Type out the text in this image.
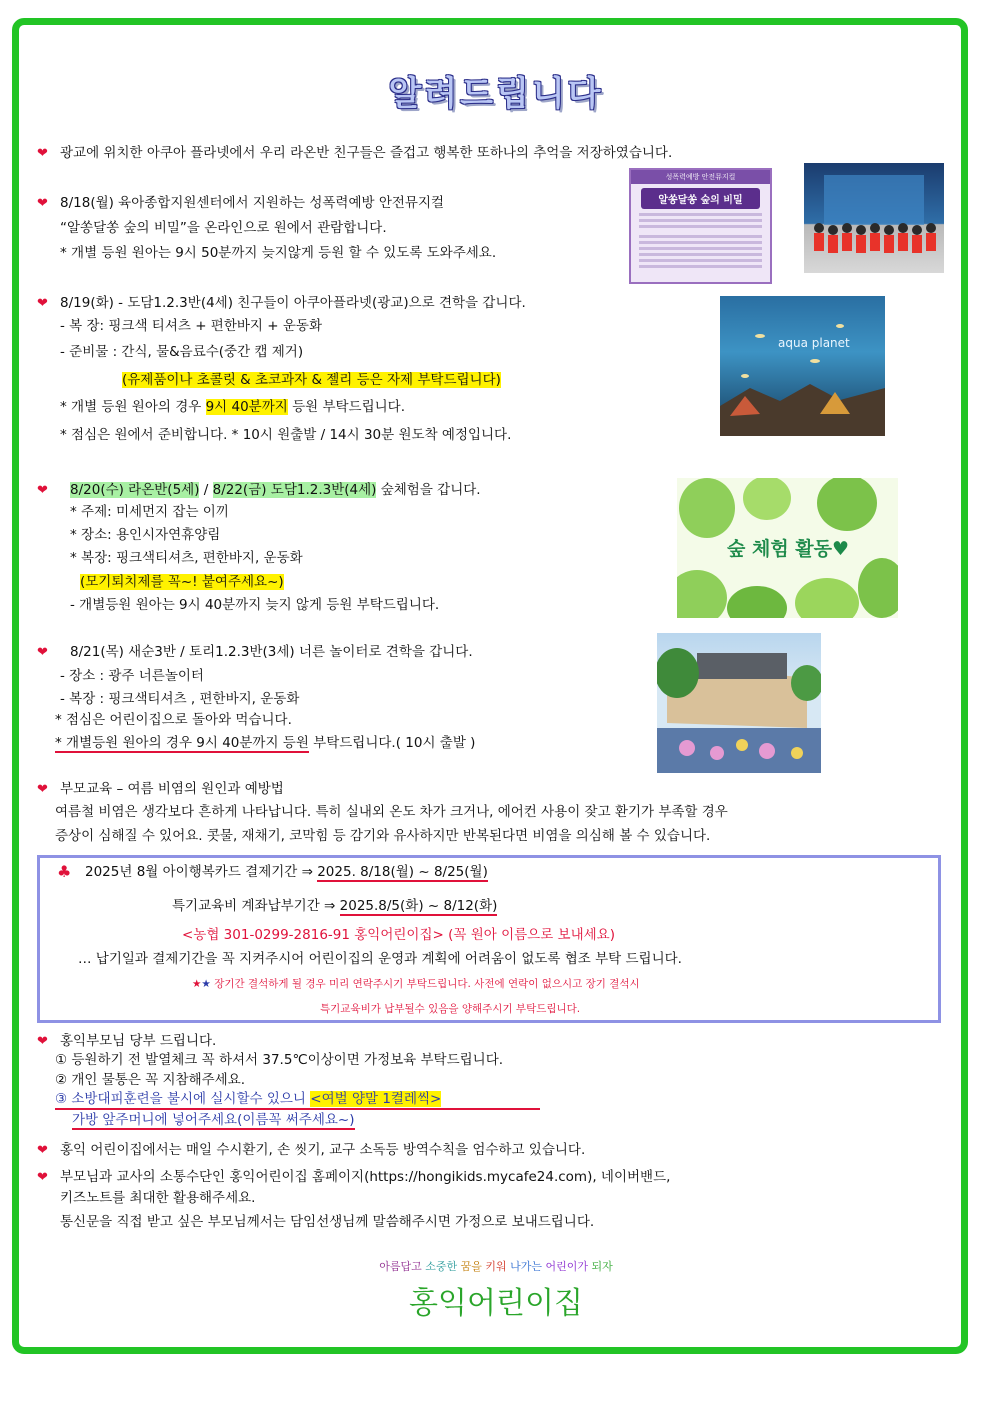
알려드립니다
❤ 광교에 위치한 아쿠아 플라넷에서 우리 라온반 친구들은 즐겁고 행복한 또하나의 추억을 저장하였습니다.
❤ 8/18(월) 육아종합지원센터에서 지원하는 성폭력예방 안전뮤지컬
“알쏭달쏭 숲의 비밀”을 온라인으로 원에서 관람합니다.
* 개별 등원 원아는 9시 50분까지 늦지않게 등원 할 수 있도록 도와주세요.
성폭력예방 안전뮤지컬
알쏭달쏭 숲의 비밀
❤ 8/19(화) - 도담1.2.3반(4세) 친구들이 아쿠아플라넷(광교)으로 견학을 갑니다.
- 복 장: 핑크색 티셔츠 + 편한바지 + 운동화
- 준비물 : 간식, 물&음료수(중간 캡 제거)
(유제품이나 초콜릿 & 초코과자 & 젤리 등은 자제 부탁드립니다)
* 개별 등원 원아의 경우 9시 40분까지 등원 부탁드립니다.
* 점심은 원에서 준비합니다. * 10시 원출발 / 14시 30분 원도착 예정입니다.
aqua planet
❤ 8/20(수) 라온반(5세) / 8/22(금) 도담1.2.3반(4세) 숲체험을 갑니다.
* 주제: 미세먼지 잡는 이끼
* 장소: 용인시자연휴양림
* 복장: 핑크색티셔츠, 편한바지, 운동화
(모기퇴치제를 꼭~! 붙여주세요~)
- 개별등원 원아는 9시 40분까지 늦지 않게 등원 부탁드립니다.
숲 체험 활동♥
❤ 8/21(목) 새순3반 / 토리1.2.3반(3세) 너른 놀이터로 견학을 갑니다.
- 장소 : 광주 너른놀이터
- 복장 : 핑크색티셔츠 , 편한바지, 운동화
* 점심은 어린이집으로 돌아와 먹습니다.
* 개별등원 원아의 경우 9시 40분까지 등원 부탁드립니다.( 10시 출발 )
❤ 부모교육 – 여름 비염의 원인과 예방법
여름철 비염은 생각보다 흔하게 나타납니다. 특히 실내외 온도 차가 크거나, 에어컨 사용이 잦고 환기가 부족할 경우
증상이 심해질 수 있어요. 콧물, 재채기, 코막힘 등 감기와 유사하지만 반복된다면 비염을 의심해 볼 수 있습니다.
♣ 2025년 8월 아이행복카드 결제기간 ⇒ 2025. 8/18(월) ~ 8/25(월)
특기교육비 계좌납부기간 ⇒ 2025.8/5(화) ~ 8/12(화)
<농협 301-0299-2816-91 홍익어린이집> (꼭 원아 이름으로 보내세요)
… 납기일과 결제기간을 꼭 지켜주시어 어린이집의 운영과 계획에 어려움이 없도록 협조 부탁 드립니다.
★★ 장기간 결석하게 될 경우 미리 연락주시기 부탁드립니다. 사전에 연락이 없으시고 장기 결석시
특기교육비가 납부될수 있음을 양해주시기 부탁드립니다.
❤ 홍익부모님 당부 드립니다.
① 등원하기 전 발열체크 꼭 하셔서 37.5℃이상이면 가정보육 부탁드립니다.
② 개인 물통은 꼭 지참해주세요.
③ 소방대피훈련을 불시에 실시할수 있으니 <여벌 양말 1켤레씩>
가방 앞주머니에 넣어주세요(이름꼭 써주세요~)
❤ 홍익 어린이집에서는 매일 수시환기, 손 씻기, 교구 소독등 방역수칙을 엄수하고 있습니다.
❤ 부모님과 교사의 소통수단인 홍익어린이집 홈페이지(https://hongikids.mycafe24.com), 네이버밴드,
키즈노트를 최대한 활용해주세요.
통신문을 직접 받고 싶은 부모님께서는 담임선생님께 말씀해주시면 가정으로 보내드립니다.
아름답고 소중한 꿈을 키워 나가는 어린이가 되자
홍익어린이집
